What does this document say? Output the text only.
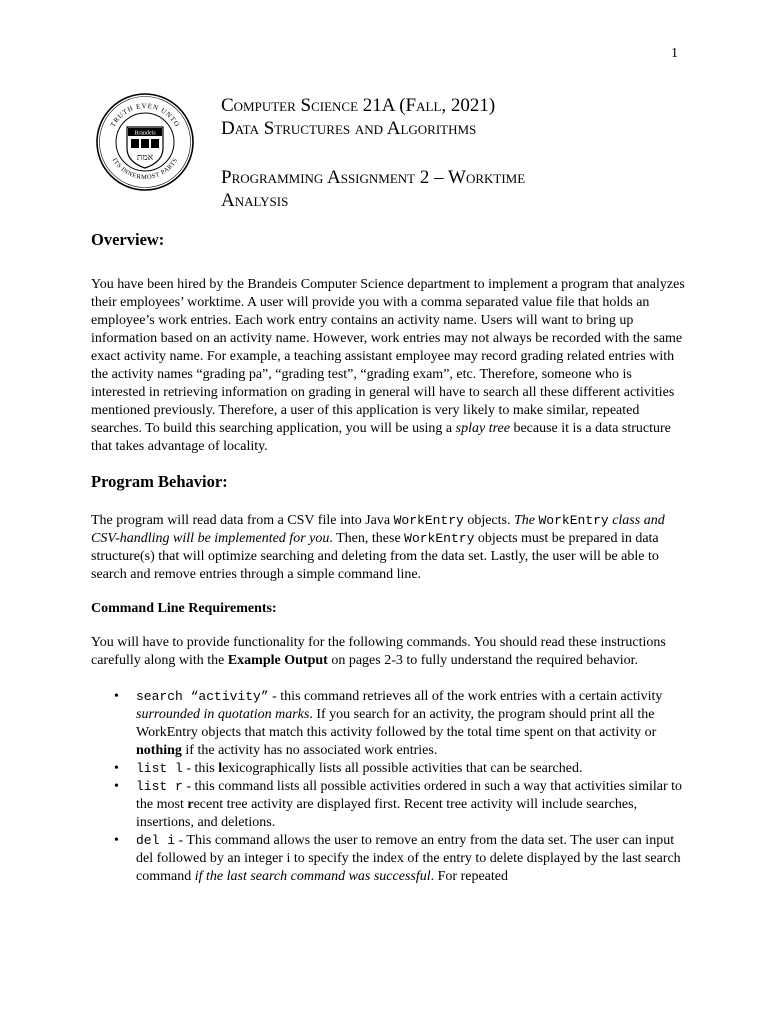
1
TRUTH EVEN UNTO
ITS INNERMOST PARTS
Brandeis
אמת
Computer Science 21A (Fall, 2021)
Data Structures and Algorithms
Programming Assignment 2 – Worktime
Analysis
Overview:

You have been hired by the Brandeis Computer Science department to implement a program that analyzes their employees’ worktime. A user will provide you with a comma separated value file that holds an employee’s work entries. Each work entry contains an activity name. Users will want to bring up information based on an activity name. However, work entries may not always be recorded with the same exact activity name. For example, a teaching assistant employee may record grading related entries with the activity names “grading pa”, “grading test”, “grading exam”, etc. Therefore, someone who is interested in retrieving information on grading in general will have to search all these different activities mentioned previously. Therefore, a user of this application is very likely to make similar, repeated searches. To build this searching application, you will be using a splay tree because it is a data structure that takes advantage of locality.

Program Behavior:

The program will read data from a CSV file into Java WorkEntry objects. The WorkEntry class and CSV-handling will be implemented for you. Then, these WorkEntry objects must be prepared in data structure(s) that will optimize searching and deleting from the data set. Lastly, the user will be able to search and remove entries through a simple command line.

Command Line Requirements:

You will have to provide functionality for the following commands. You should read these instructions carefully along with the Example Output on pages 2-3 to fully understand the required behavior.

• search “activity” - this command retrieves all of the work entries with a certain activity surrounded in quotation marks. If you search for an activity, the program should print all the WorkEntry objects that match this activity followed by the total time spent on that activity or nothing if the activity has no associated work entries.
• list l - this lexicographically lists all possible activities that can be searched.
• list r - this command lists all possible activities ordered in such a way that activities similar to the most recent tree activity are displayed first. Recent tree activity will include searches, insertions, and deletions.
• del i - This command allows the user to remove an entry from the data set. The user can input del followed by an integer i to specify the index of the entry to delete displayed by the last search command if the last search command was successful. For repeated
